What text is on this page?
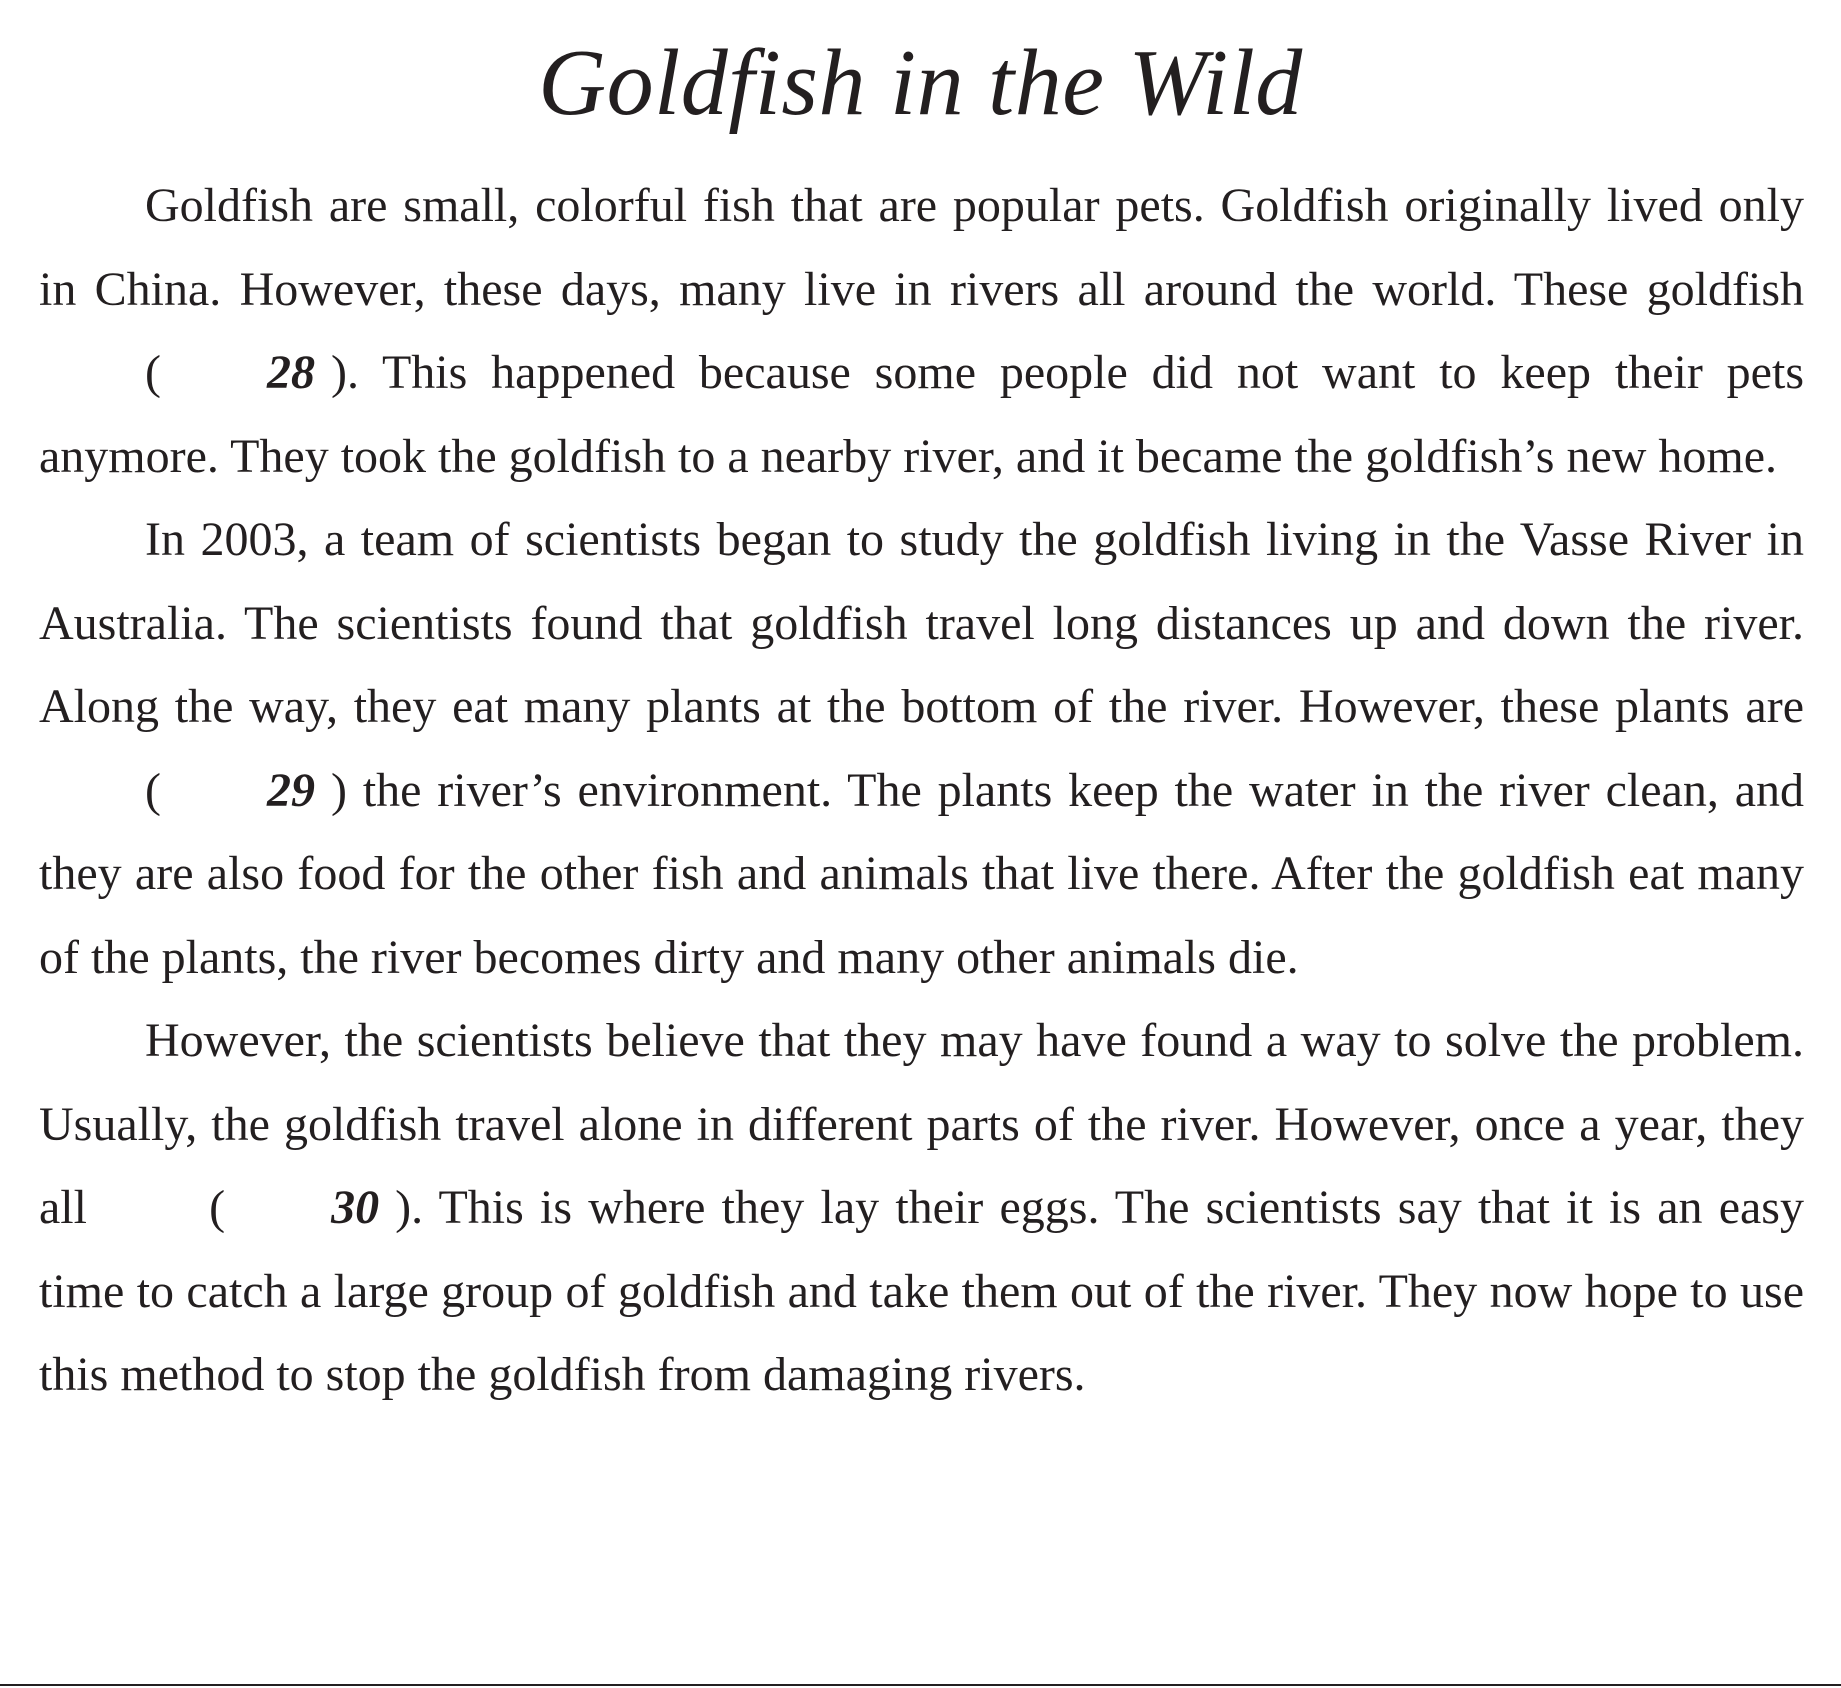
Goldfish in the Wild

Goldfish are small, colorful fish that are popular pets. Goldfish originally lived only in China. However, these days, many live in rivers all around the world. These goldfish ( 28 ). This happened because some people did not want to keep their pets anymore. They took the goldfish to a nearby river, and it became the goldfish’s new home.

In 2003, a team of scientists began to study the goldfish living in the Vasse River in Australia. The scientists found that goldfish travel long distances up and down the river. Along the way, they eat many plants at the bottom of the river. However, these plants are ( 29 ) the river’s environment. The plants keep the water in the river clean, and they are also food for the other fish and animals that live there. After the goldfish eat many of the plants, the river becomes dirty and many other animals die.

However, the scientists believe that they may have found a way to solve the problem. Usually, the goldfish travel alone in different parts of the river. However, once a year, they all ( 30 ). This is where they lay their eggs. The scientists say that it is an easy time to catch a large group of goldfish and take them out of the river. They now hope to use this method to stop the goldfish from damaging rivers.
